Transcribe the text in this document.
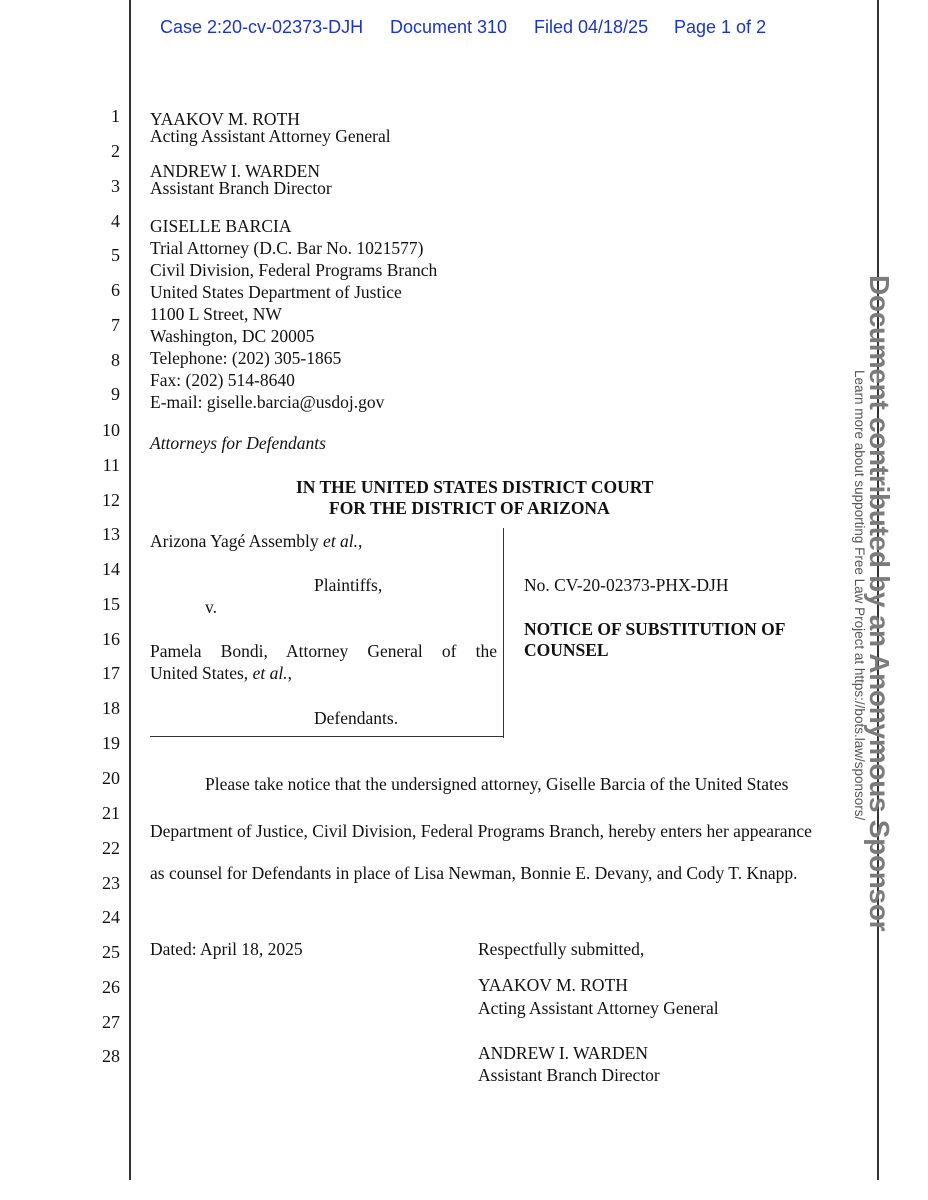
Case 2:20-cv-02373-DJH Document 310 Filed 04/18/25 Page 1 of 2
1
2
3
4
5
6
7
8
9
10
11
12
13
14
15
16
17
18
19
20
21
22
23
24
25
26
27
28
YAAKOV M. ROTH
Acting Assistant Attorney General
ANDREW I. WARDEN
Assistant Branch Director
GISELLE BARCIA
Trial Attorney (D.C. Bar No. 1021577)
Civil Division, Federal Programs Branch
United States Department of Justice
1100 L Street, NW
Washington, DC 20005
Telephone: (202) 305-1865
Fax: (202) 514-8640
E-mail: giselle.barcia@usdoj.gov
Attorneys for Defendants
IN THE UNITED STATES DISTRICT COURT
FOR THE DISTRICT OF ARIZONA
Arizona Yagé Assembly et al.,
Plaintiffs,
v.
Pamela Bondi, Attorney General of the
United States, et al.,
Defendants.
No. CV-20-02373-PHX-DJH
NOTICE OF SUBSTITUTION OF
COUNSEL
Please take notice that the undersigned attorney, Giselle Barcia of the United States
Department of Justice, Civil Division, Federal Programs Branch, hereby enters her appearance
as counsel for Defendants in place of Lisa Newman, Bonnie E. Devany, and Cody T. Knapp.
Dated: April 18, 2025	Respectfully submitted,
YAAKOV M. ROTH
Acting Assistant Attorney General
ANDREW I. WARDEN
Assistant Branch Director
Document contributed by an Anonymous Sponsor
Learn more about supporting Free Law Project at https://bots.law/sponsors/
